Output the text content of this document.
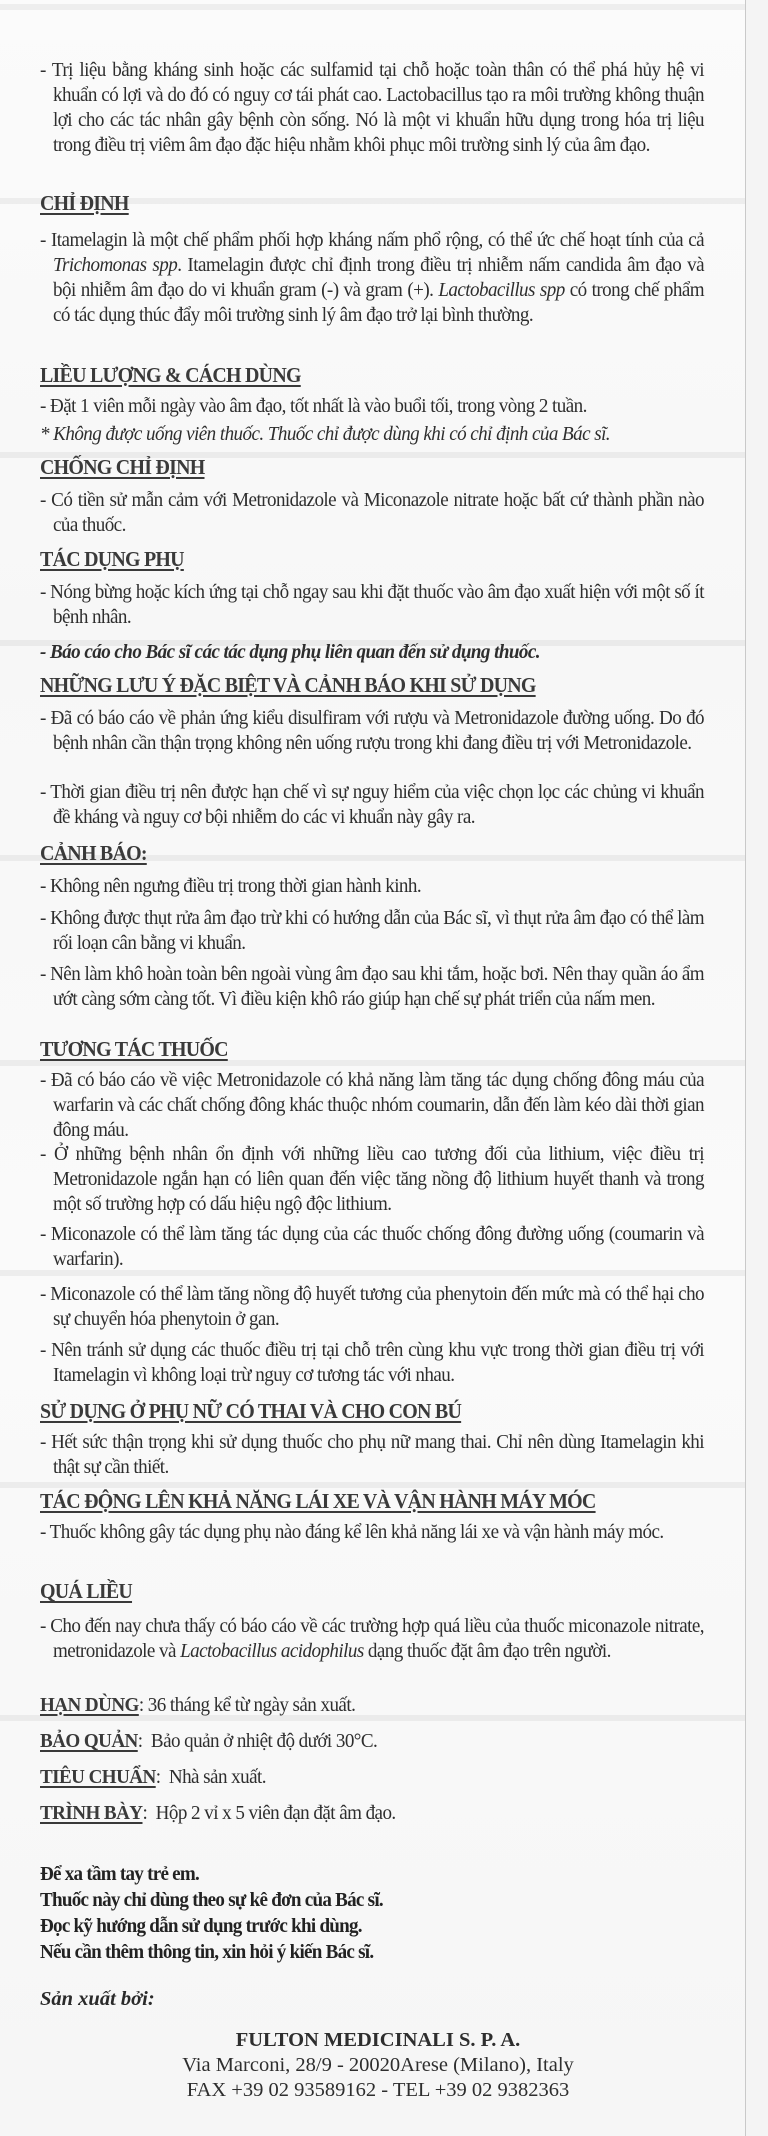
- Trị liệu bằng kháng sinh hoặc các sulfamid tại chỗ hoặc toàn thân có thể phá hủy hệ vi khuẩn có lợi và do đó có nguy cơ tái phát cao. Lactobacillus tạo ra môi trường không thuận lợi cho các tác nhân gây bệnh còn sống. Nó là một vi khuẩn hữu dụng trong hóa trị liệu trong điều trị viêm âm đạo đặc hiệu nhằm khôi phục môi trường sinh lý của âm đạo.
CHỈ ĐỊNH
- Itamelagin là một chế phẩm phối hợp kháng nấm phổ rộng, có thể ức chế hoạt tính của cả Trichomonas spp. Itamelagin được chỉ định trong điều trị nhiễm nấm candida âm đạo và bội nhiễm âm đạo do vi khuẩn gram (-) và gram (+). Lactobacillus spp có trong chế phẩm có tác dụng thúc đẩy môi trường sinh lý âm đạo trở lại bình thường.
LIỀU LƯỢNG & CÁCH DÙNG
- Đặt 1 viên mỗi ngày vào âm đạo, tốt nhất là vào buổi tối, trong vòng 2 tuần.
* Không được uống viên thuốc. Thuốc chỉ được dùng khi có chỉ định của Bác sĩ.
CHỐNG CHỈ ĐỊNH
- Có tiền sử mẫn cảm với Metronidazole và Miconazole nitrate hoặc bất cứ thành phần nào của thuốc.
TÁC DỤNG PHỤ
- Nóng bừng hoặc kích ứng tại chỗ ngay sau khi đặt thuốc vào âm đạo xuất hiện với một số ít bệnh nhân.
- Báo cáo cho Bác sĩ các tác dụng phụ liên quan đến sử dụng thuốc.
NHỮNG LƯU Ý ĐẶC BIỆT VÀ CẢNH BÁO KHI SỬ DỤNG
- Đã có báo cáo về phản ứng kiểu disulfiram với rượu và Metronidazole đường uống. Do đó bệnh nhân cần thận trọng không nên uống rượu trong khi đang điều trị với Metronidazole.
- Thời gian điều trị nên được hạn chế vì sự nguy hiểm của việc chọn lọc các chủng vi khuẩn đề kháng và nguy cơ bội nhiễm do các vi khuẩn này gây ra.
CẢNH BÁO:
- Không nên ngưng điều trị trong thời gian hành kinh.
- Không được thụt rửa âm đạo trừ khi có hướng dẫn của Bác sĩ, vì thụt rửa âm đạo có thể làm rối loạn cân bằng vi khuẩn.
- Nên làm khô hoàn toàn bên ngoài vùng âm đạo sau khi tắm, hoặc bơi. Nên thay quần áo ẩm ướt càng sớm càng tốt. Vì điều kiện khô ráo giúp hạn chế sự phát triển của nấm men.
TƯƠNG TÁC THUỐC
- Đã có báo cáo về việc Metronidazole có khả năng làm tăng tác dụng chống đông máu của warfarin và các chất chống đông khác thuộc nhóm coumarin, dẫn đến làm kéo dài thời gian đông máu.
- Ở những bệnh nhân ổn định với những liều cao tương đối của lithium, việc điều trị Metronidazole ngắn hạn có liên quan đến việc tăng nồng độ lithium huyết thanh và trong một số trường hợp có dấu hiệu ngộ độc lithium.
- Miconazole có thể làm tăng tác dụng của các thuốc chống đông đường uống (coumarin và warfarin).
- Miconazole có thể làm tăng nồng độ huyết tương của phenytoin đến mức mà có thể hại cho sự chuyển hóa phenytoin ở gan.
- Nên tránh sử dụng các thuốc điều trị tại chỗ trên cùng khu vực trong thời gian điều trị với Itamelagin vì không loại trừ nguy cơ tương tác với nhau.
SỬ DỤNG Ở PHỤ NỮ CÓ THAI VÀ CHO CON BÚ
- Hết sức thận trọng khi sử dụng thuốc cho phụ nữ mang thai. Chỉ nên dùng Itamelagin khi thật sự cần thiết.
TÁC ĐỘNG LÊN KHẢ NĂNG LÁI XE VÀ VẬN HÀNH MÁY MÓC
- Thuốc không gây tác dụng phụ nào đáng kể lên khả năng lái xe và vận hành máy móc.
QUÁ LIỀU
- Cho đến nay chưa thấy có báo cáo về các trường hợp quá liều của thuốc miconazole nitrate, metronidazole và Lactobacillus acidophilus dạng thuốc đặt âm đạo trên người.
HẠN DÙNG: 36 tháng kể từ ngày sản xuất.
BẢO QUẢN:  Bảo quản ở nhiệt độ dưới 30°C.
TIÊU CHUẨN:  Nhà sản xuất.
TRÌNH BÀY:  Hộp 2 vỉ x 5 viên đạn đặt âm đạo.
Để xa tầm tay trẻ em.
Thuốc này chỉ dùng theo sự kê đơn của Bác sĩ.
Đọc kỹ hướng dẫn sử dụng trước khi dùng.
Nếu cần thêm thông tin, xin hỏi ý kiến Bác sĩ.
Sản xuất bởi:
FULTON MEDICINALI S. P. A.
Via Marconi, 28/9 - 20020Arese (Milano), Italy
FAX +39 02 93589162 - TEL +39 02 9382363
